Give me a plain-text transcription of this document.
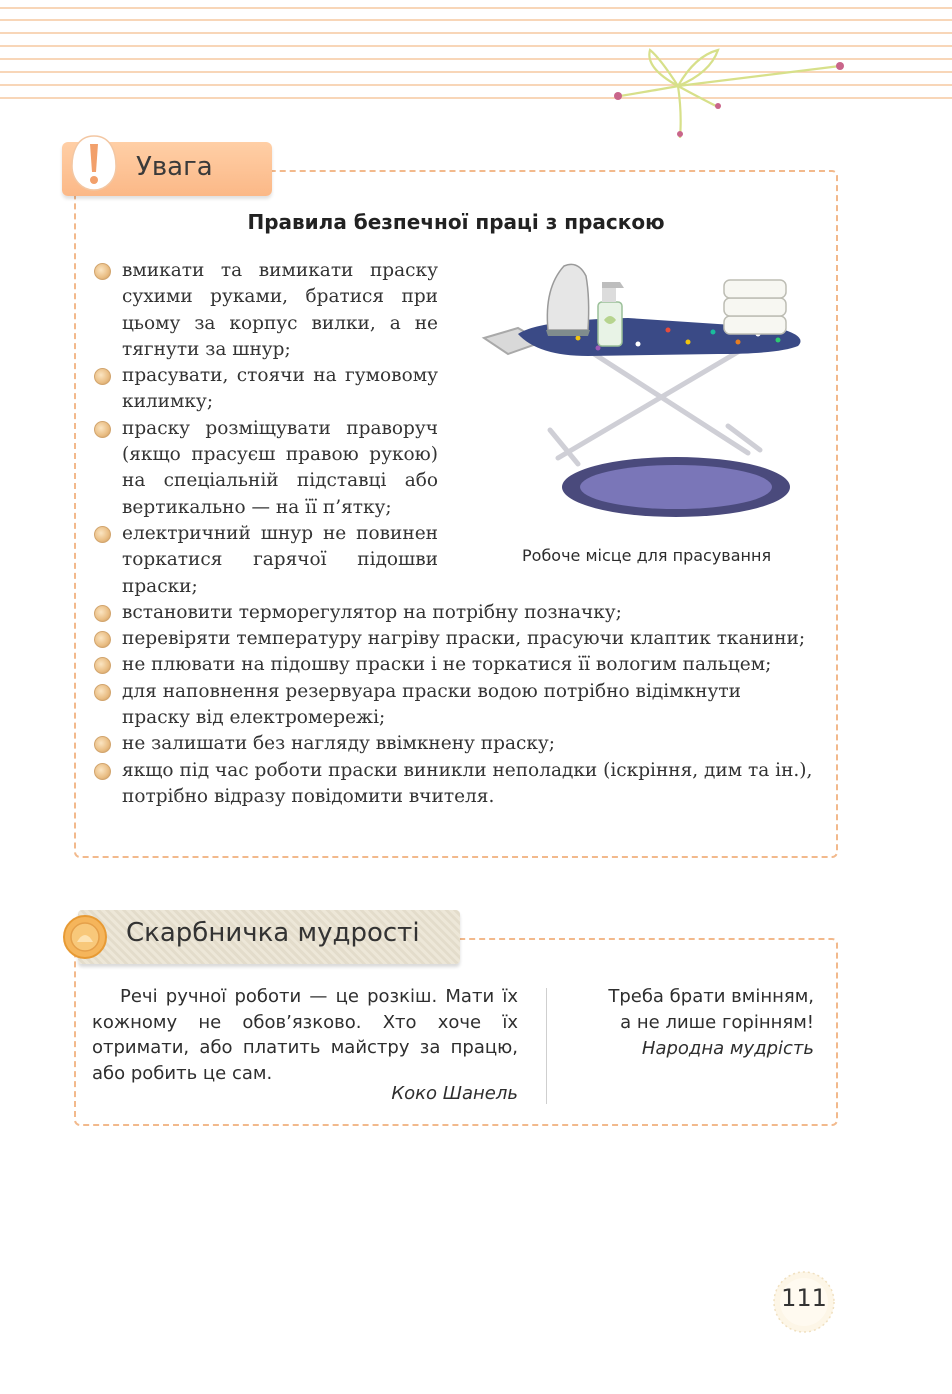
Увага
Правила безпечної праці з праскою
вмикати та вимикати праску сухими руками, братися при цьому за корпус вилки, а не тягнути за шнур;
прасувати, стоячи на гумовому килимку;
праску розміщувати праворуч (якщо прасуєш правою рукою) на спеціальній підставці або вертикально — на її п’ятку;
електричний шнур не повинен торкатися гарячої підошви праски;
встановити терморегулятор на потрібну позначку;
перевіряти температуру нагріву праски, прасуючи клаптик тканини;
не плювати на підошву праски і не торкатися її вологим пальцем;
для наповнення резервуара праски водою потрібно відімкнути праску від електромережі;
не залишати без нагляду ввімкнену праску;
якщо під час роботи праски виникли неполадки (іскріння, дим та ін.), потрібно відразу повідомити вчителя.
Робоче місце для прасування
Скарбничка мудрості
Речі ручної роботи — це розкіш. Мати їх кожному не обов’язково. Хто хоче їх отримати, або платить майстру за працю, або робить це сам.
Коко Шанель
Треба брати вмінням,
а не лише горінням!
Народна мудрість
111
